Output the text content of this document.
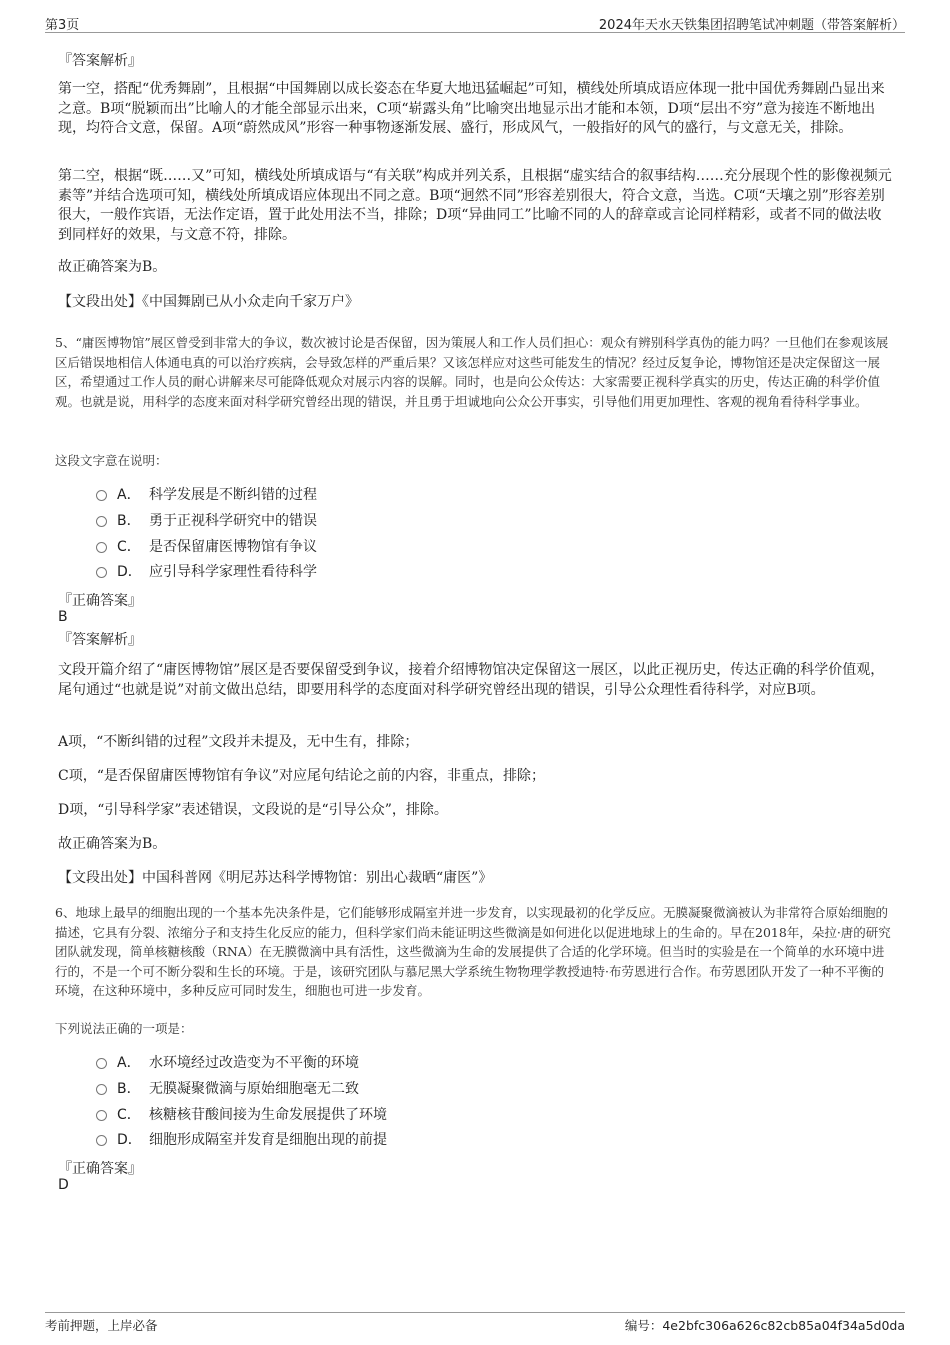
第3页	2024年天水天铁集团招聘笔试冲刺题（带答案解析）
『答案解析』
第一空，搭配“优秀舞剧”，且根据“中国舞剧以成长姿态在华夏大地迅猛崛起”可知，横线处所填成语应体现一批中国优秀舞剧凸显出来之意。B项“脱颖而出”比喻人的才能全部显示出来，C项“崭露头角”比喻突出地显示出才能和本领，D项“层出不穷”意为接连不断地出现，均符合文意，保留。A项“蔚然成风”形容一种事物逐渐发展、盛行，形成风气，一般指好的风气的盛行，与文意无关，排除。
第二空，根据“既……又”可知，横线处所填成语与“有关联”构成并列关系，且根据“虚实结合的叙事结构……充分展现个性的影像视频元素等”并结合选项可知，横线处所填成语应体现出不同之意。B项“迥然不同”形容差别很大，符合文意，当选。C项“天壤之别”形容差别很大，一般作宾语，无法作定语，置于此处用法不当，排除；D项“异曲同工”比喻不同的人的辞章或言论同样精彩，或者不同的做法收到同样好的效果，与文意不符，排除。
故正确答案为B。
【文段出处】《中国舞剧已从小众走向千家万户》
5、“庸医博物馆”展区曾受到非常大的争议，数次被讨论是否保留，因为策展人和工作人员们担心：观众有辨别科学真伪的能力吗？一旦他们在参观该展区后错误地相信人体通电真的可以治疗疾病，会导致怎样的严重后果？又该怎样应对这些可能发生的情况？经过反复争论，博物馆还是决定保留这一展区，希望通过工作人员的耐心讲解来尽可能降低观众对展示内容的误解。同时，也是向公众传达：大家需要正视科学真实的历史，传达正确的科学价值观。也就是说，用科学的态度来面对科学研究曾经出现的错误，并且勇于坦诚地向公众公开事实，引导他们用更加理性、客观的视角看待科学事业。
这段文字意在说明：
A． 科学发展是不断纠错的过程
B． 勇于正视科学研究中的错误
C． 是否保留庸医博物馆有争议
D． 应引导科学家理性看待科学
『正确答案』
B
『答案解析』
文段开篇介绍了“庸医博物馆”展区是否要保留受到争议，接着介绍博物馆决定保留这一展区，以此正视历史，传达正确的科学价值观，尾句通过“也就是说”对前文做出总结，即要用科学的态度面对科学研究曾经出现的错误，引导公众理性看待科学，对应B项。
A项，“不断纠错的过程”文段并未提及，无中生有，排除；
C项，“是否保留庸医博物馆有争议”对应尾句结论之前的内容，非重点，排除；
D项，“引导科学家”表述错误，文段说的是“引导公众”，排除。
故正确答案为B。
【文段出处】中国科普网《明尼苏达科学博物馆：别出心裁晒“庸医”》
6、地球上最早的细胞出现的一个基本先决条件是，它们能够形成隔室并进一步发育，以实现最初的化学反应。无膜凝聚微滴被认为非常符合原始细胞的描述，它具有分裂、浓缩分子和支持生化反应的能力，但科学家们尚未能证明这些微滴是如何进化以促进地球上的生命的。早在2018年，朵拉·唐的研究团队就发现，简单核糖核酸（RNA）在无膜微滴中具有活性，这些微滴为生命的发展提供了合适的化学环境。但当时的实验是在一个简单的水环境中进行的，不是一个可不断分裂和生长的环境。于是，该研究团队与慕尼黑大学系统生物物理学教授迪特·布劳恩进行合作。布劳恩团队开发了一种不平衡的环境，在这种环境中，多种反应可同时发生，细胞也可进一步发育。
下列说法正确的一项是：
A． 水环境经过改造变为不平衡的环境
B． 无膜凝聚微滴与原始细胞毫无二致
C． 核糖核苷酸间接为生命发展提供了环境
D． 细胞形成隔室并发育是细胞出现的前提
『正确答案』
D
考前押题，上岸必备	编号：4e2bfc306a626c82cb85a04f34a5d0da
